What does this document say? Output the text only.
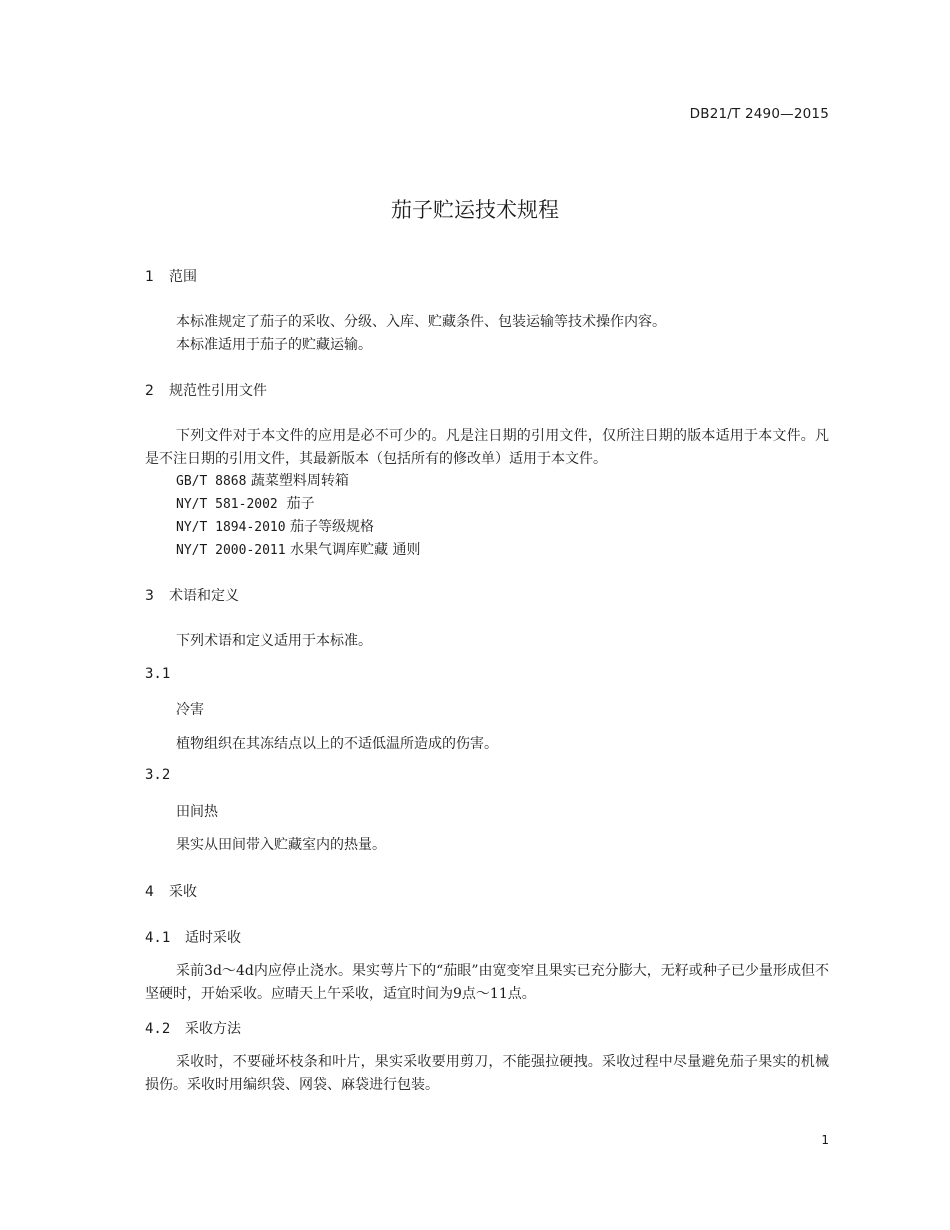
DB21/T 2490—2015
茄子贮运技术规程
1 范围
本标准规定了茄子的采收、分级、入库、贮藏条件、包装运输等技术操作内容。
本标准适用于茄子的贮藏运输。
2 规范性引用文件
下列文件对于本文件的应用是必不可少的。凡是注日期的引用文件，仅所注日期的版本适用于本文件。凡是不注日期的引用文件，其最新版本（包括所有的修改单）适用于本文件。
GB/T 8868 蔬菜塑料周转箱
NY/T 581-2002  茄子
NY/T 1894-2010 茄子等级规格
NY/T 2000-2011 水果气调库贮藏 通则
3 术语和定义
下列术语和定义适用于本标准。
3.1
冷害
植物组织在其冻结点以上的不适低温所造成的伤害。
3.2
田间热
果实从田间带入贮藏室内的热量。
4 采收
4.1 适时采收
采前3d～4d内应停止浇水。果实萼片下的“茄眼”由宽变窄且果实已充分膨大，无籽或种子已少量形成但不坚硬时，开始采收。应晴天上午采收，适宜时间为9点～11点。
4.2 采收方法
采收时，不要碰坏枝条和叶片，果实采收要用剪刀，不能强拉硬拽。采收过程中尽量避免茄子果实的机械损伤。采收时用编织袋、网袋、麻袋进行包装。
1
